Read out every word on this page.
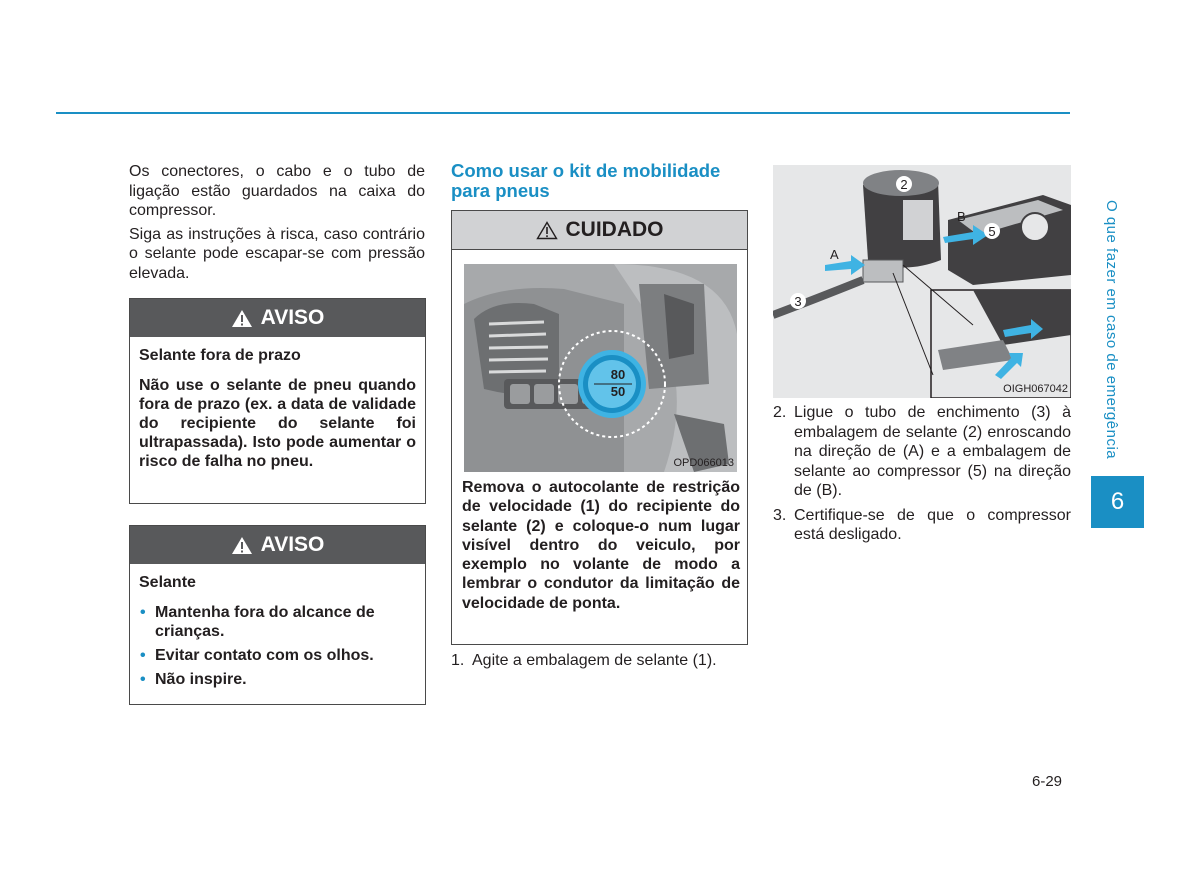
Os conectores, o cabo e o tubo de ligação estão guardados na caixa do compressor.

Siga as instruções à risca, caso contrário o selante pode escapar-se com pressão elevada.

AVISO

Selante fora de prazo

Não use o selante de pneu quando fora de prazo (ex. a data de validade do recipiente do selante foi ultrapassada). Isto pode aumentar o risco de falha no pneu.

AVISO

Selante

• Mantenha fora do alcance de crianças.
• Evitar contato com os olhos.
• Não inspire.
Como usar o kit de mobilidade para pneus
CUIDADO
80
50
OPD066013

Remova o autocolante de restrição de velocidade (1) do recipiente do selante (2) e coloque-o num lugar visível dentro do veiculo, por exemplo no volante de modo a lembrar o condutor da limitação de velocidade de ponta.

1. Agite a embalagem de selante (1).
A
B
2
3
5
OIGH067042
2. Ligue o tubo de enchimento (3) à embalagem de selante (2) enroscando na direção de (A) e a embalagem de selante ao compressor (5) na direção de (B).
3. Certifique-se de que o compressor está desligado.
O que fazer em caso de emergência
6
6-29
